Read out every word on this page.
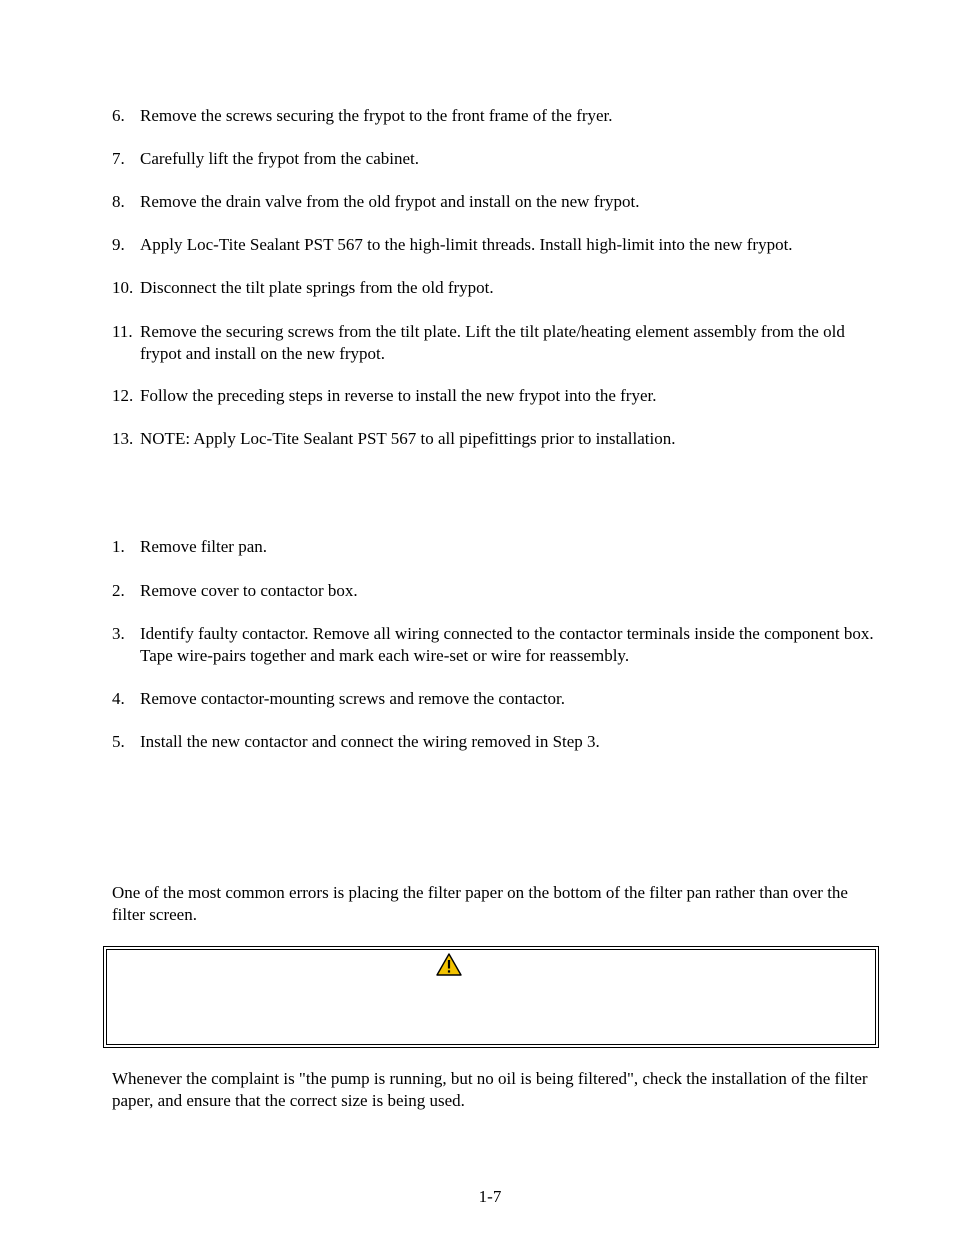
6. Remove the screws securing the frypot to the front frame of the fryer.
7. Carefully lift the frypot from the cabinet.
8. Remove the drain valve from the old frypot and install on the new frypot.
9. Apply Loc-Tite Sealant PST 567 to the high-limit threads. Install high-limit into the new frypot.
10. Disconnect the tilt plate springs from the old frypot.
11. Remove the securing screws from the tilt plate. Lift the tilt plate/heating element assembly from the old frypot and install on the new frypot.
12. Follow the preceding steps in reverse to install the new frypot into the fryer.
13. NOTE: Apply Loc-Tite Sealant PST 567 to all pipefittings prior to installation.
1. Remove filter pan.
2. Remove cover to contactor box.
3. Identify faulty contactor. Remove all wiring connected to the contactor terminals inside the component box. Tape wire-pairs together and mark each wire-set or wire for reassembly.
4. Remove contactor-mounting screws and remove the contactor.
5. Install the new contactor and connect the wiring removed in Step 3.
One of the most common errors is placing the filter paper on the bottom of the filter pan rather than over the filter screen.
Whenever the complaint is "the pump is running, but no oil is being filtered", check the installation of the filter paper, and ensure that the correct size is being used.
1-7
